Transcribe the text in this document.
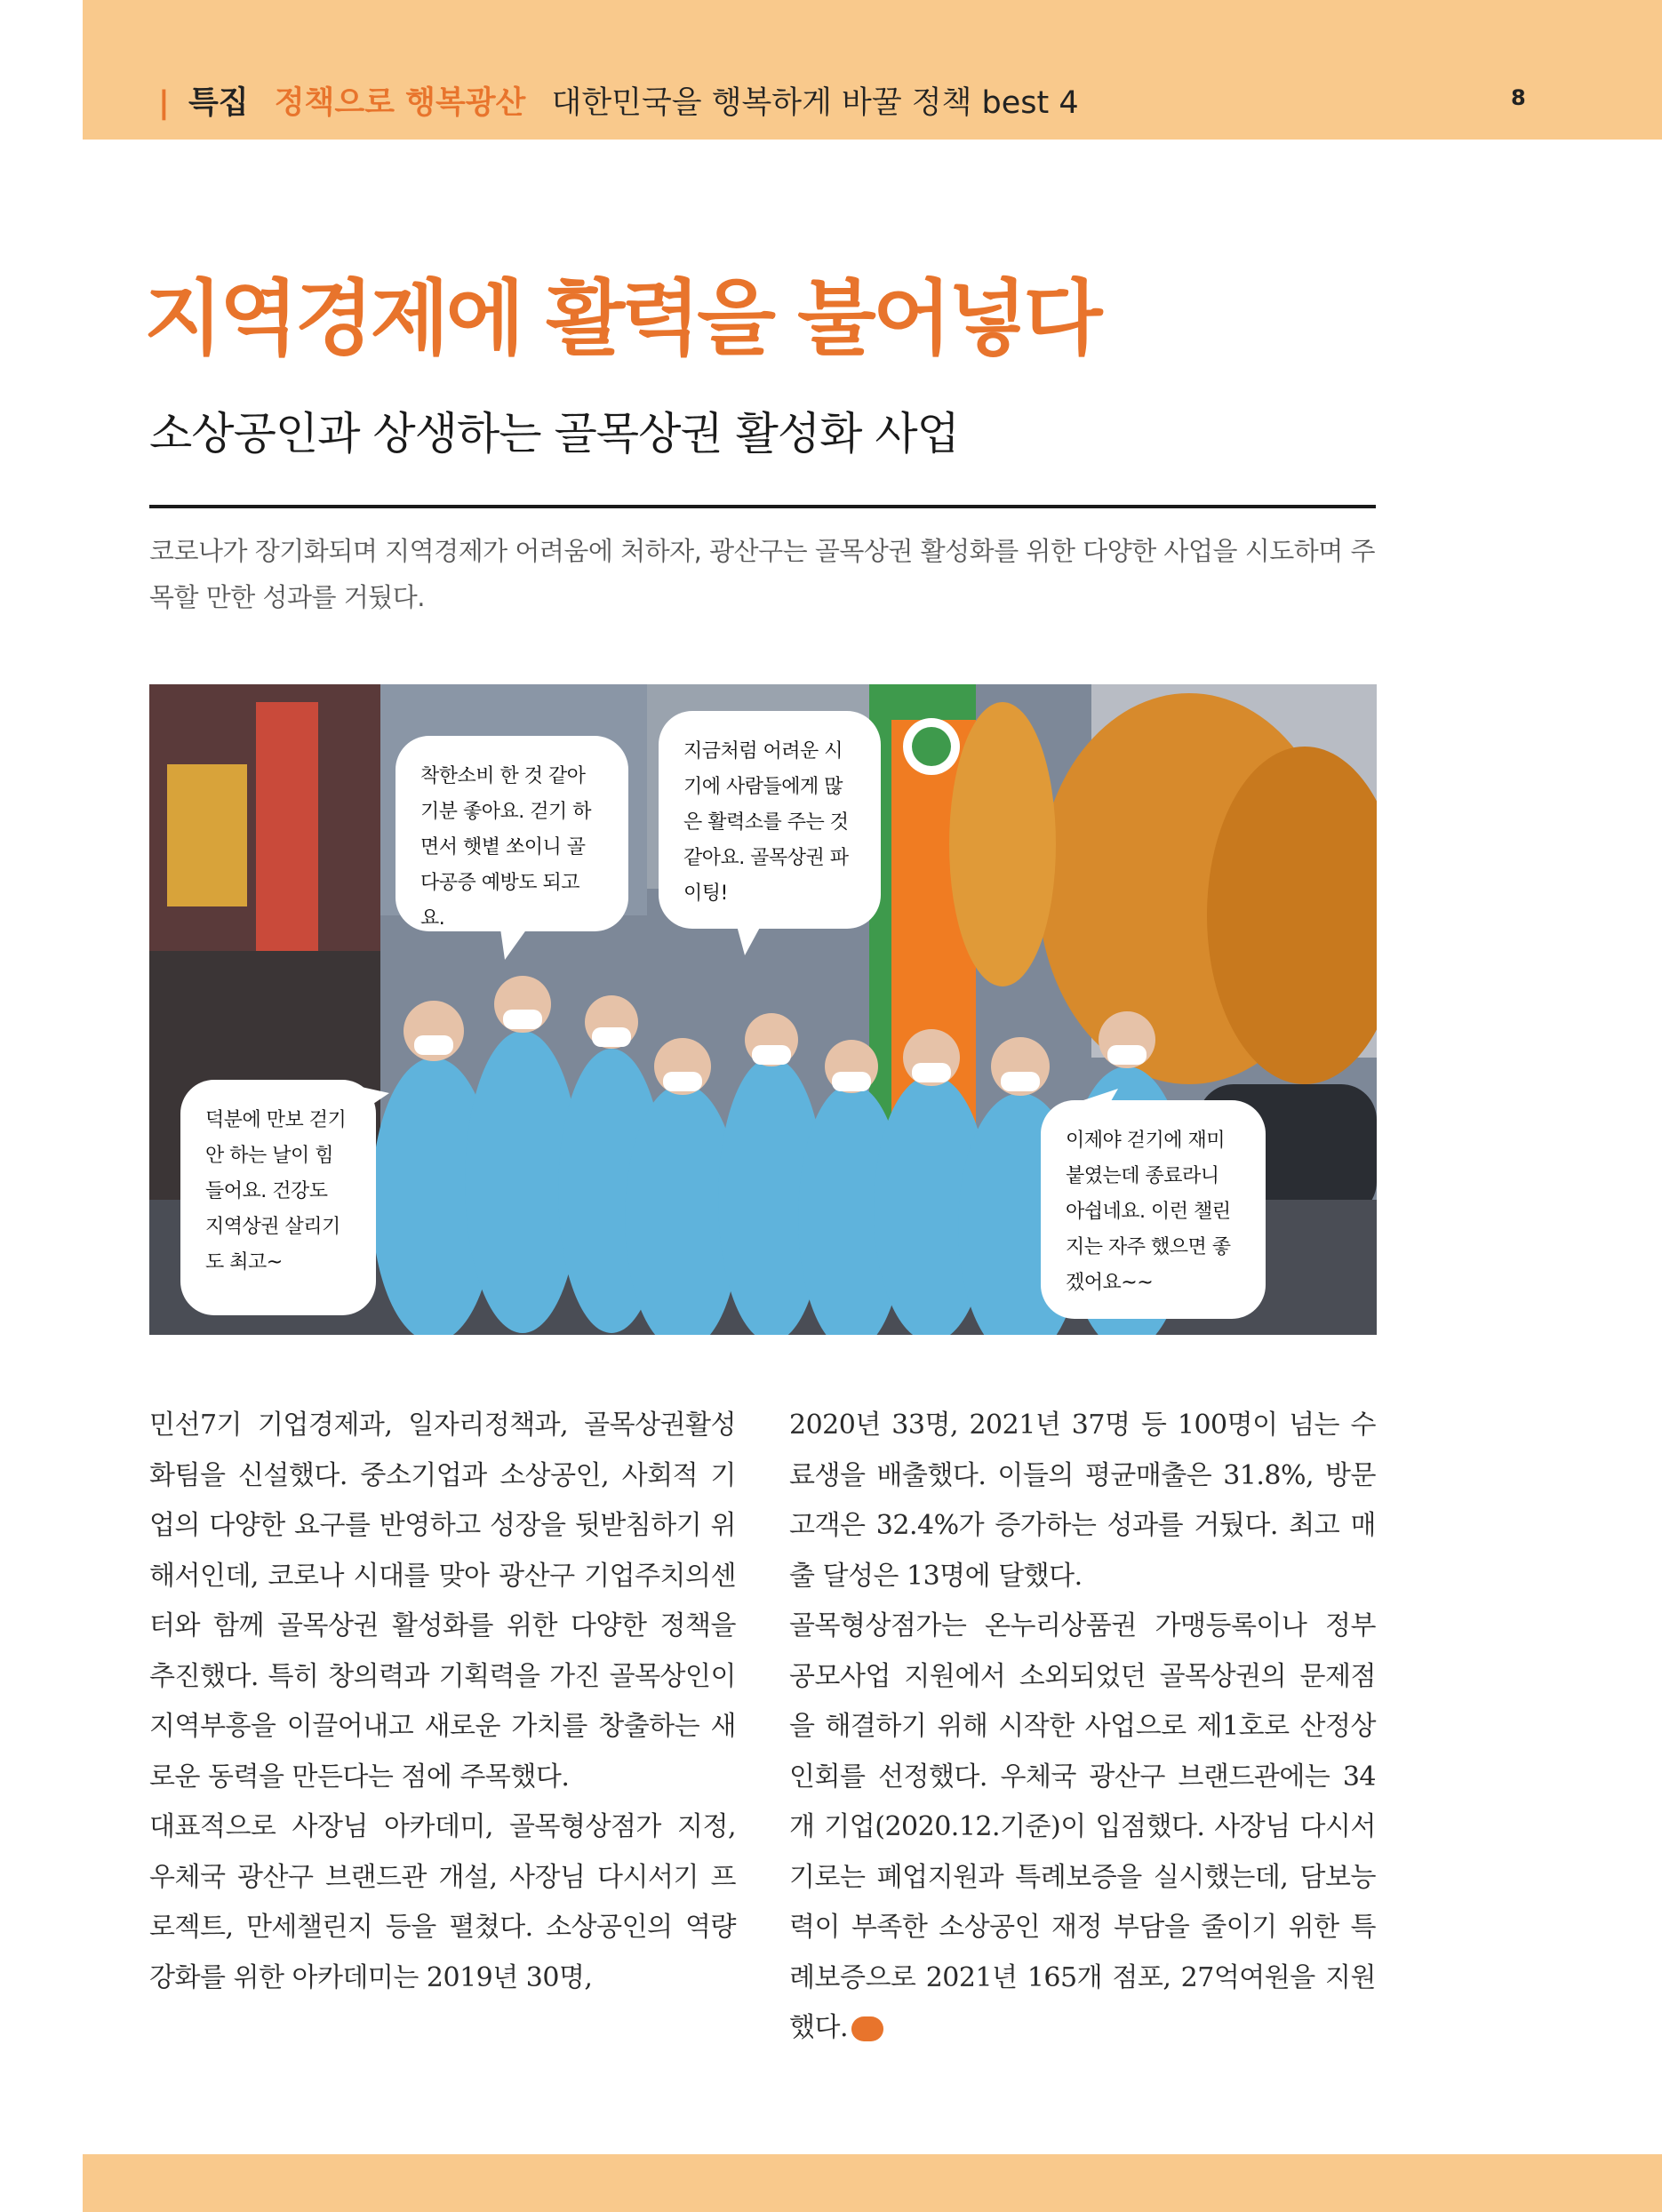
| 특집 정책으로 행복광산 대한민국을 행복하게 바꿀 정책 best 4	8
지역경제에 활력을 불어넣다
소상공인과 상생하는 골목상권 활성화 사업
코로나가 장기화되며 지역경제가 어려움에 처하자, 광산구는 골목상권 활성화를 위한 다양한 사업을 시도하며 주목할 만한 성과를 거뒀다.
착한소비 한 것 같아 기분 좋아요. 걷기 하면서 햇볕 쏘이니 골다공증 예방도 되고요.
지금처럼 어려운 시기에 사람들에게 많은 활력소를 주는 것 같아요. 골목상권 파이팅!
덕분에 만보 걷기 안 하는 날이 힘들어요. 건강도 지역상권 살리기도 최고~
이제야 걷기에 재미 붙였는데 종료라니 아쉽네요. 이런 챌린지는 자주 했으면 좋겠어요~~

민선7기 기업경제과, 일자리정책과, 골목상권활성화팀을 신설했다. 중소기업과 소상공인, 사회적 기업의 다양한 요구를 반영하고 성장을 뒷받침하기 위해서인데, 코로나 시대를 맞아 광산구 기업주치의센터와 함께 골목상권 활성화를 위한 다양한 정책을 추진했다. 특히 창의력과 기획력을 가진 골목상인이 지역부흥을 이끌어내고 새로운 가치를 창출하는 새로운 동력을 만든다는 점에 주목했다.

대표적으로 사장님 아카데미, 골목형상점가 지정, 우체국 광산구 브랜드관 개설, 사장님 다시서기 프로젝트, 만세챌린지 등을 펼쳤다. 소상공인의 역량강화를 위한 아카데미는 2019년 30명,

2020년 33명, 2021년 37명 등 100명이 넘는 수료생을 배출했다. 이들의 평균매출은 31.8%, 방문고객은 32.4%가 증가하는 성과를 거뒀다. 최고 매출 달성은 13명에 달했다.

골목형상점가는 온누리상품권 가맹등록이나 정부 공모사업 지원에서 소외되었던 골목상권의 문제점을 해결하기 위해 시작한 사업으로 제1호로 산정상인회를 선정했다. 우체국 광산구 브랜드관에는 34개 기업(2020.12.기준)이 입점했다. 사장님 다시서기로는 폐업지원과 특례보증을 실시했는데, 담보능력이 부족한 소상공인 재정 부담을 줄이기 위한 특례보증으로 2021년 165개 점포, 27억여원을 지원했다.
